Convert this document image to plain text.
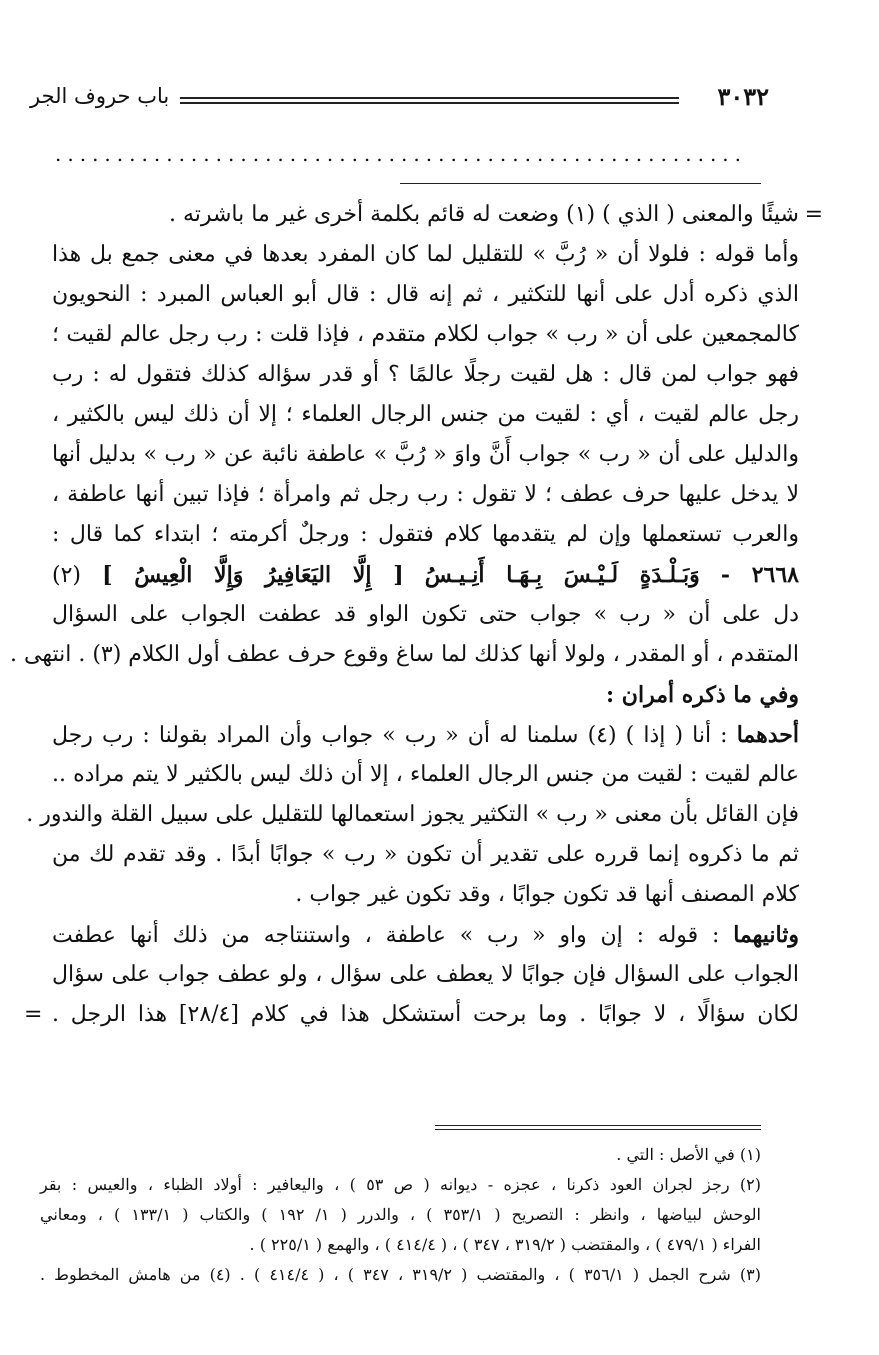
٣٠٣٢
باب حروف الجر
........................................................
=
شيئًا والمعنى ( الذي ) (١) وضعت له قائم بكلمة أخرى غير ما باشرته .
وأما قوله : فلولا أن « رُبَّ » للتقليل لما كان المفرد بعدها في معنى جمع بل هذا
الذي ذكره أدل على أنها للتكثير ، ثم إنه قال : قال أبو العباس المبرد : النحويون
كالمجمعين على أن « رب » جواب لكلام متقدم ، فإذا قلت : رب رجل عالم لقيت ؛
فهو جواب لمن قال : هل لقيت رجلًا عالمًا ؟ أو قدر سؤاله كذلك فتقول له : رب
رجل عالم لقيت ، أي : لقيت من جنس الرجال العلماء ؛ إلا أن ذلك ليس بالكثير ،
والدليل على أن « رب » جواب أَنَّ واوَ « رُبَّ » عاطفة نائبة عن « رب » بدليل أنها
لا يدخل عليها حرف عطف ؛ لا تقول : رب رجل ثم وامرأة ؛ فإذا تبين أنها عاطفة ،
والعرب تستعملها وإن لم يتقدمها كلام فتقول : ورجلٌ أكرمته ؛ ابتداء كما قال :
٢٦٦٨ - وَبَـلْـدَةٍ لَـيْـسَ بِـهَـا أَنِـيـسُ [ إِلَّا اليَعَافِيرُ وَإِلَّا الْعِيسُ ] (٢)
دل على أن « رب » جواب حتى تكون الواو قد عطفت الجواب على السؤال
المتقدم ، أو المقدر ، ولولا أنها كذلك لما ساغ وقوع حرف عطف أول الكلام (٣) . انتهى .
وفي ما ذكره أمران :
أحدهما : أنا ( إذا ) (٤) سلمنا له أن « رب » جواب وأن المراد بقولنا : رب رجل
عالم لقيت : لقيت من جنس الرجال العلماء ، إلا أن ذلك ليس بالكثير لا يتم مراده ..
فإن القائل بأن معنى « رب » التكثير يجوز استعمالها للتقليل على سبيل القلة والندور .
ثم ما ذكروه إنما قرره على تقدير أن تكون « رب » جوابًا أبدًا . وقد تقدم لك من
كلام المصنف أنها قد تكون جوابًا ، وقد تكون غير جواب .
وثانيهما : قوله : إن واو « رب » عاطفة ، واستنتاجه من ذلك أنها عطفت
الجواب على السؤال فإن جوابًا لا يعطف على سؤال ، ولو عطف جواب على سؤال
لكان سؤالًا ، لا جوابًا . وما برحت أستشكل هذا في كلام [٢٨/٤] هذا الرجل .
=
(١) في الأصل : التي .
(٢) رجز لجران العود ذكرنا ، عجزه - ديوانه ( ص ٥٣ ) ، واليعافير : أولاد الظباء ، والعيس : بقر
الوحش لبياضها ، وانظر : التصريح ( ٣٥٣/١ ) ، والدرر ( ١/ ١٩٢ ) والكتاب ( ١٣٣/١ ) ، ومعاني
الفراء ( ٤٧٩/١ ) ، والمقتضب ( ٣١٩/٢ ، ٣٤٧ ) ، ( ٤١٤/٤ ) ، والهمع ( ٢٢٥/١ ) .
(٣) شرح الجمل ( ٣٥٦/١ ) ، والمقتضب ( ٣١٩/٢ ، ٣٤٧ ) ، ( ٤١٤/٤ ) . (٤) من هامش المخطوط .
